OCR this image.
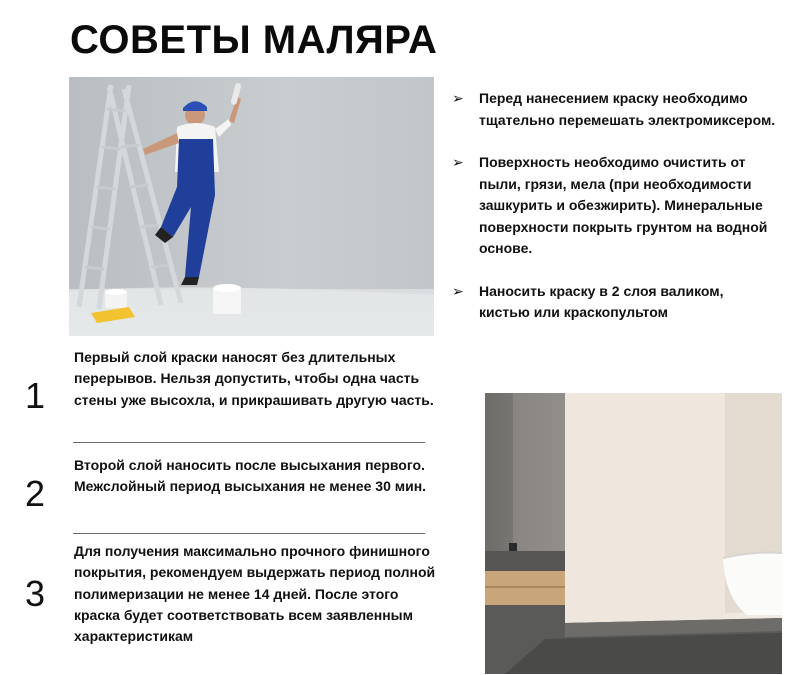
СОВЕТЫ МАЛЯРА
➢ Перед нанесением краску необходимо тщательно перемешать электромиксером.
➢ Поверхность необходимо очистить от пыли, грязи, мела (при необходимости зашкурить и обезжирить). Минеральные поверхности покрыть грунтом на водной основе.
➢ Наносить краску в 2 слоя валиком, кистью или краскопультом
1
Первый слой краски наносят без длительных перерывов. Нельзя допустить, чтобы одна часть стены уже высохла, и прикрашивать другую часть.
2
Второй слой наносить после высыхания первого. Межслойный период высыхания не менее 30 мин.
3
Для получения максимально прочного финишного покрытия, рекомендуем выдержать период полной полимеризации не менее 14 дней. После этого краска будет соответствовать всем заявленным характеристикам
